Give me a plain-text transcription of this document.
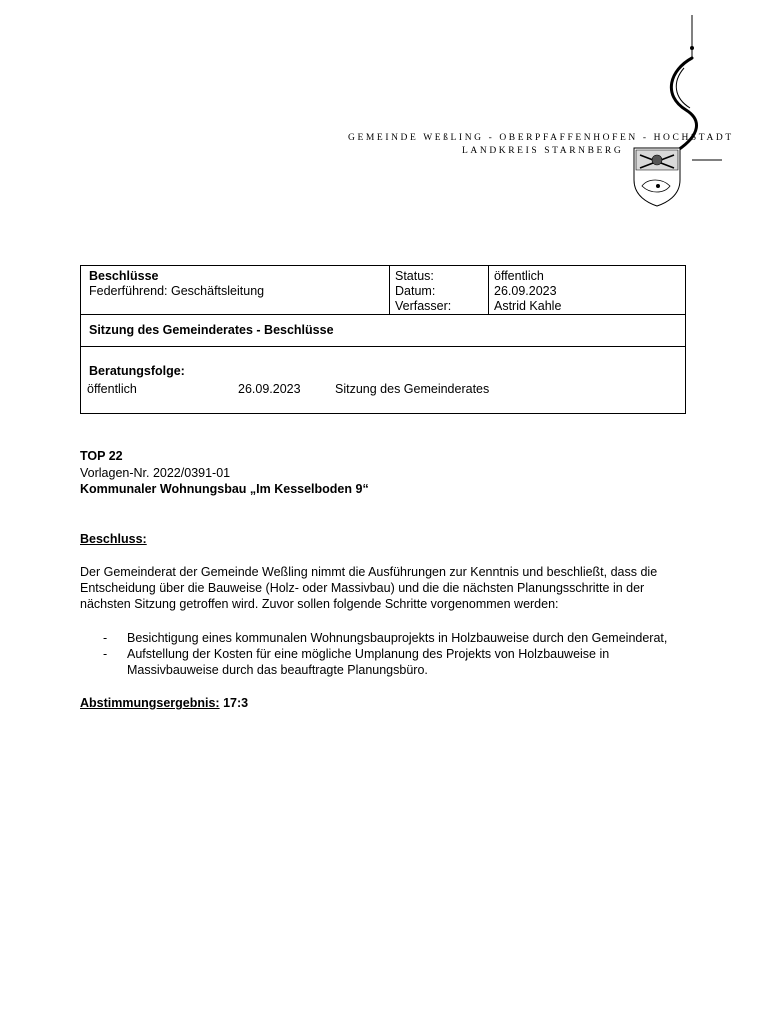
GEMEINDE WEßLING - OBERPFAFFENHOFEN - HOCHSTADT
LANDKREIS STARNBERG
Beschlüsse
Federführend: Geschäftsleitung
Status:
Datum:
Verfasser:
öffentlich
26.09.2023
Astrid Kahle
Sitzung des Gemeinderates - Beschlüsse
Beratungsfolge:
öffentlich	26.09.2023	Sitzung des Gemeinderates
TOP 22
Vorlagen-Nr. 2022/0391-01
Kommunaler Wohnungsbau „Im Kesselboden 9“
Beschluss:
Der Gemeinderat der Gemeinde Weßling nimmt die Ausführungen zur Kenntnis und beschließt, dass die
Entscheidung über die Bauweise (Holz- oder Massivbau) und die die nächsten Planungsschritte in der
nächsten Sitzung getroffen wird. Zuvor sollen folgende Schritte vorgenommen werden:
- Besichtigung eines kommunalen Wohnungsbauprojekts in Holzbauweise durch den Gemeinderat,
- Aufstellung der Kosten für eine mögliche Umplanung des Projekts von Holzbauweise in
Massivbauweise durch das beauftragte Planungsbüro.
Abstimmungsergebnis: 17:3
